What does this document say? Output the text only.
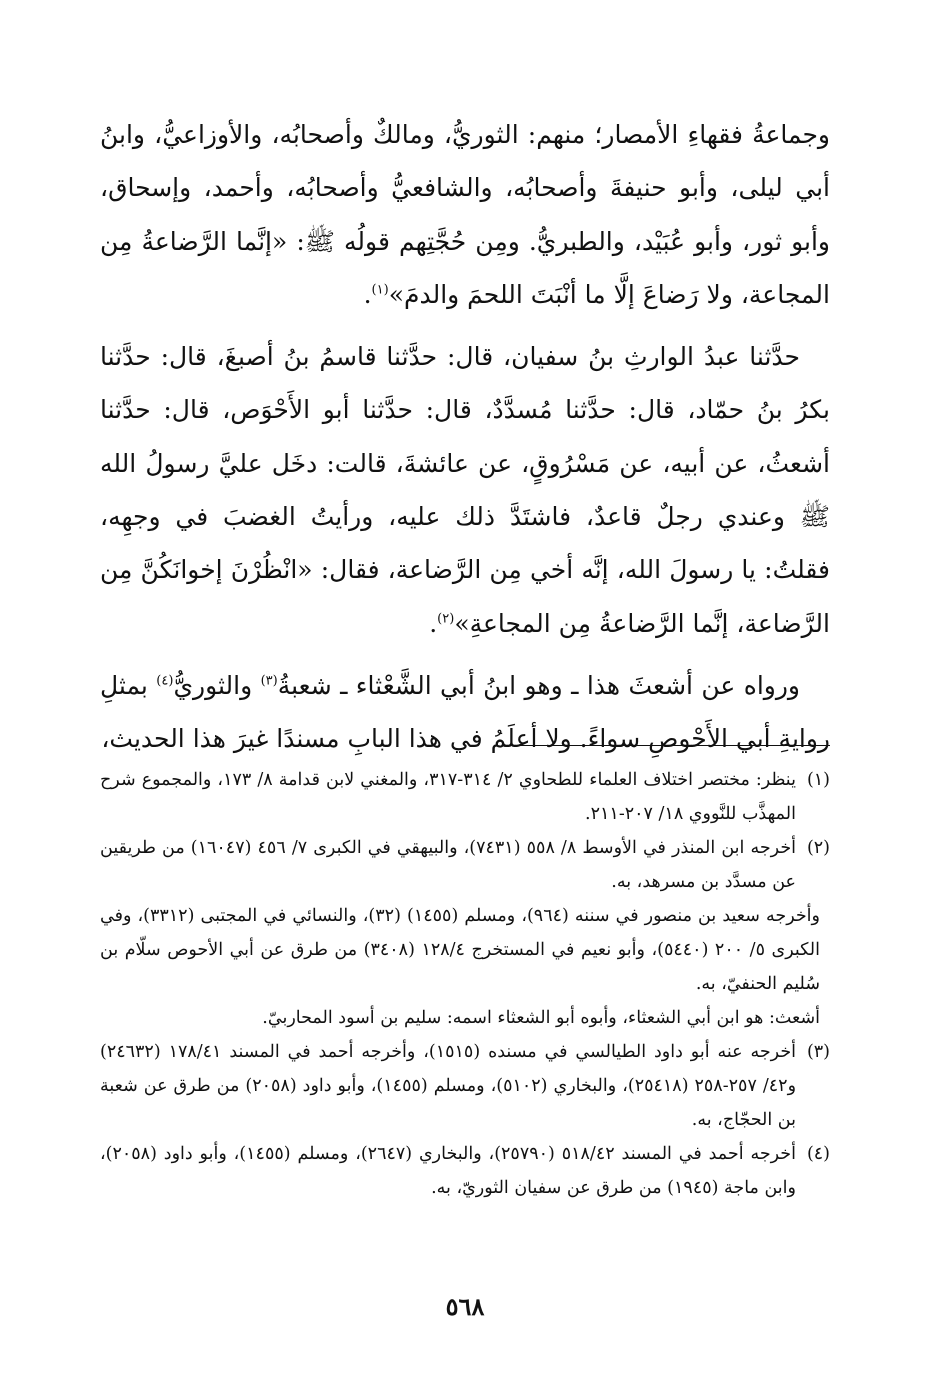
وجماعةُ فقهاءِ الأمصار؛ منهم: الثوريُّ، ومالكٌ وأصحابُه، والأوزاعيُّ، وابنُ أبي ليلى، وأبو حنيفةَ وأصحابُه، والشافعيُّ وأصحابُه، وأحمد، وإسحاق، وأبو ثور، وأبو عُبَيْد، والطبريُّ. ومِن حُجَّتِهم قولُه ﷺ: «إنَّما الرَّضاعةُ مِن المجاعة، ولا رَضاعَ إلَّا ما أنْبَتَ اللحمَ والدمَ»$^{(١)}$.

حدَّثنا عبدُ الوارثِ بنُ سفيان، قال: حدَّثنا قاسمُ بنُ أصبغَ، قال: حدَّثنا بكرُ بنُ حمّاد، قال: حدَّثنا مُسدَّدٌ، قال: حدَّثنا أبو الأَحْوَص، قال: حدَّثنا أشعثُ، عن أبيه، عن مَسْرُوقٍ، عن عائشةَ، قالت: دخَل عليَّ رسولُ الله ﷺ وعندي رجلٌ قاعدٌ، فاشتَدَّ ذلك عليه، ورأيتُ الغضبَ في وجهِه، فقلتُ: يا رسولَ الله، إنَّه أخي مِن الرَّضاعة، فقال: «انْظُرْنَ إخوانَكُنَّ مِن الرَّضاعة، إنَّما الرَّضاعةُ مِن المجاعةِ»$^{(٢)}$.

ورواه عن أشعثَ هذا ـ وهو ابنُ أبي الشَّعْثاء ـ شعبةُ$^{(٣)}$ والثوريُّ$^{(٤)}$ بمثلِ روايةِ أبي الأَحْوصِ سواءً. ولا أعلَمُ في هذا البابِ مسندًا غيرَ هذا الحديث،

(١)
ينظر: مختصر اختلاف العلماء للطحاوي ٢/ ٣١٤-٣١٧، والمغني لابن قدامة ٨/ ١٧٣، والمجموع شرح المهذَّب للنَّووي ١٨/ ٢٠٧-٢١١.

(٢)
أخرجه ابن المنذر في الأوسط ٨/ ٥٥٨ (٧٤٣١)، والبيهقي في الكبرى ٧/ ٤٥٦ (١٦٠٤٧) من طريقين عن مسدَّد بن مسرهد، به.

وأخرجه سعيد بن منصور في سننه (٩٦٤)، ومسلم (١٤٥٥) (٣٢)، والنسائي في المجتبى (٣٣١٢)، وفي الكبرى ٥/ ٢٠٠ (٥٤٤٠)، وأبو نعيم في المستخرج ١٢٨/٤ (٣٤٠٨) من طرق عن أبي الأحوص سلّام بن سُليم الحنفيّ، به.

أشعث: هو ابن أبي الشعثاء، وأبوه أبو الشعثاء اسمه: سليم بن أسود المحاربيّ.

(٣)
أخرجه عنه أبو داود الطيالسي في مسنده (١٥١٥)، وأخرجه أحمد في المسند ١٧٨/٤١ (٢٤٦٣٢) و٤٢/ ٢٥٧-٢٥٨ (٢٥٤١٨)، والبخاري (٥١٠٢)، ومسلم (١٤٥٥)، وأبو داود (٢٠٥٨) من طرق عن شعبة بن الحجّاج، به.

(٤)
أخرجه أحمد في المسند ٥١٨/٤٢ (٢٥٧٩٠)، والبخاري (٢٦٤٧)، ومسلم (١٤٥٥)، وأبو داود (٢٠٥٨)، وابن ماجة (١٩٤٥) من طرق عن سفيان الثوريّ، به.

٥٦٨
